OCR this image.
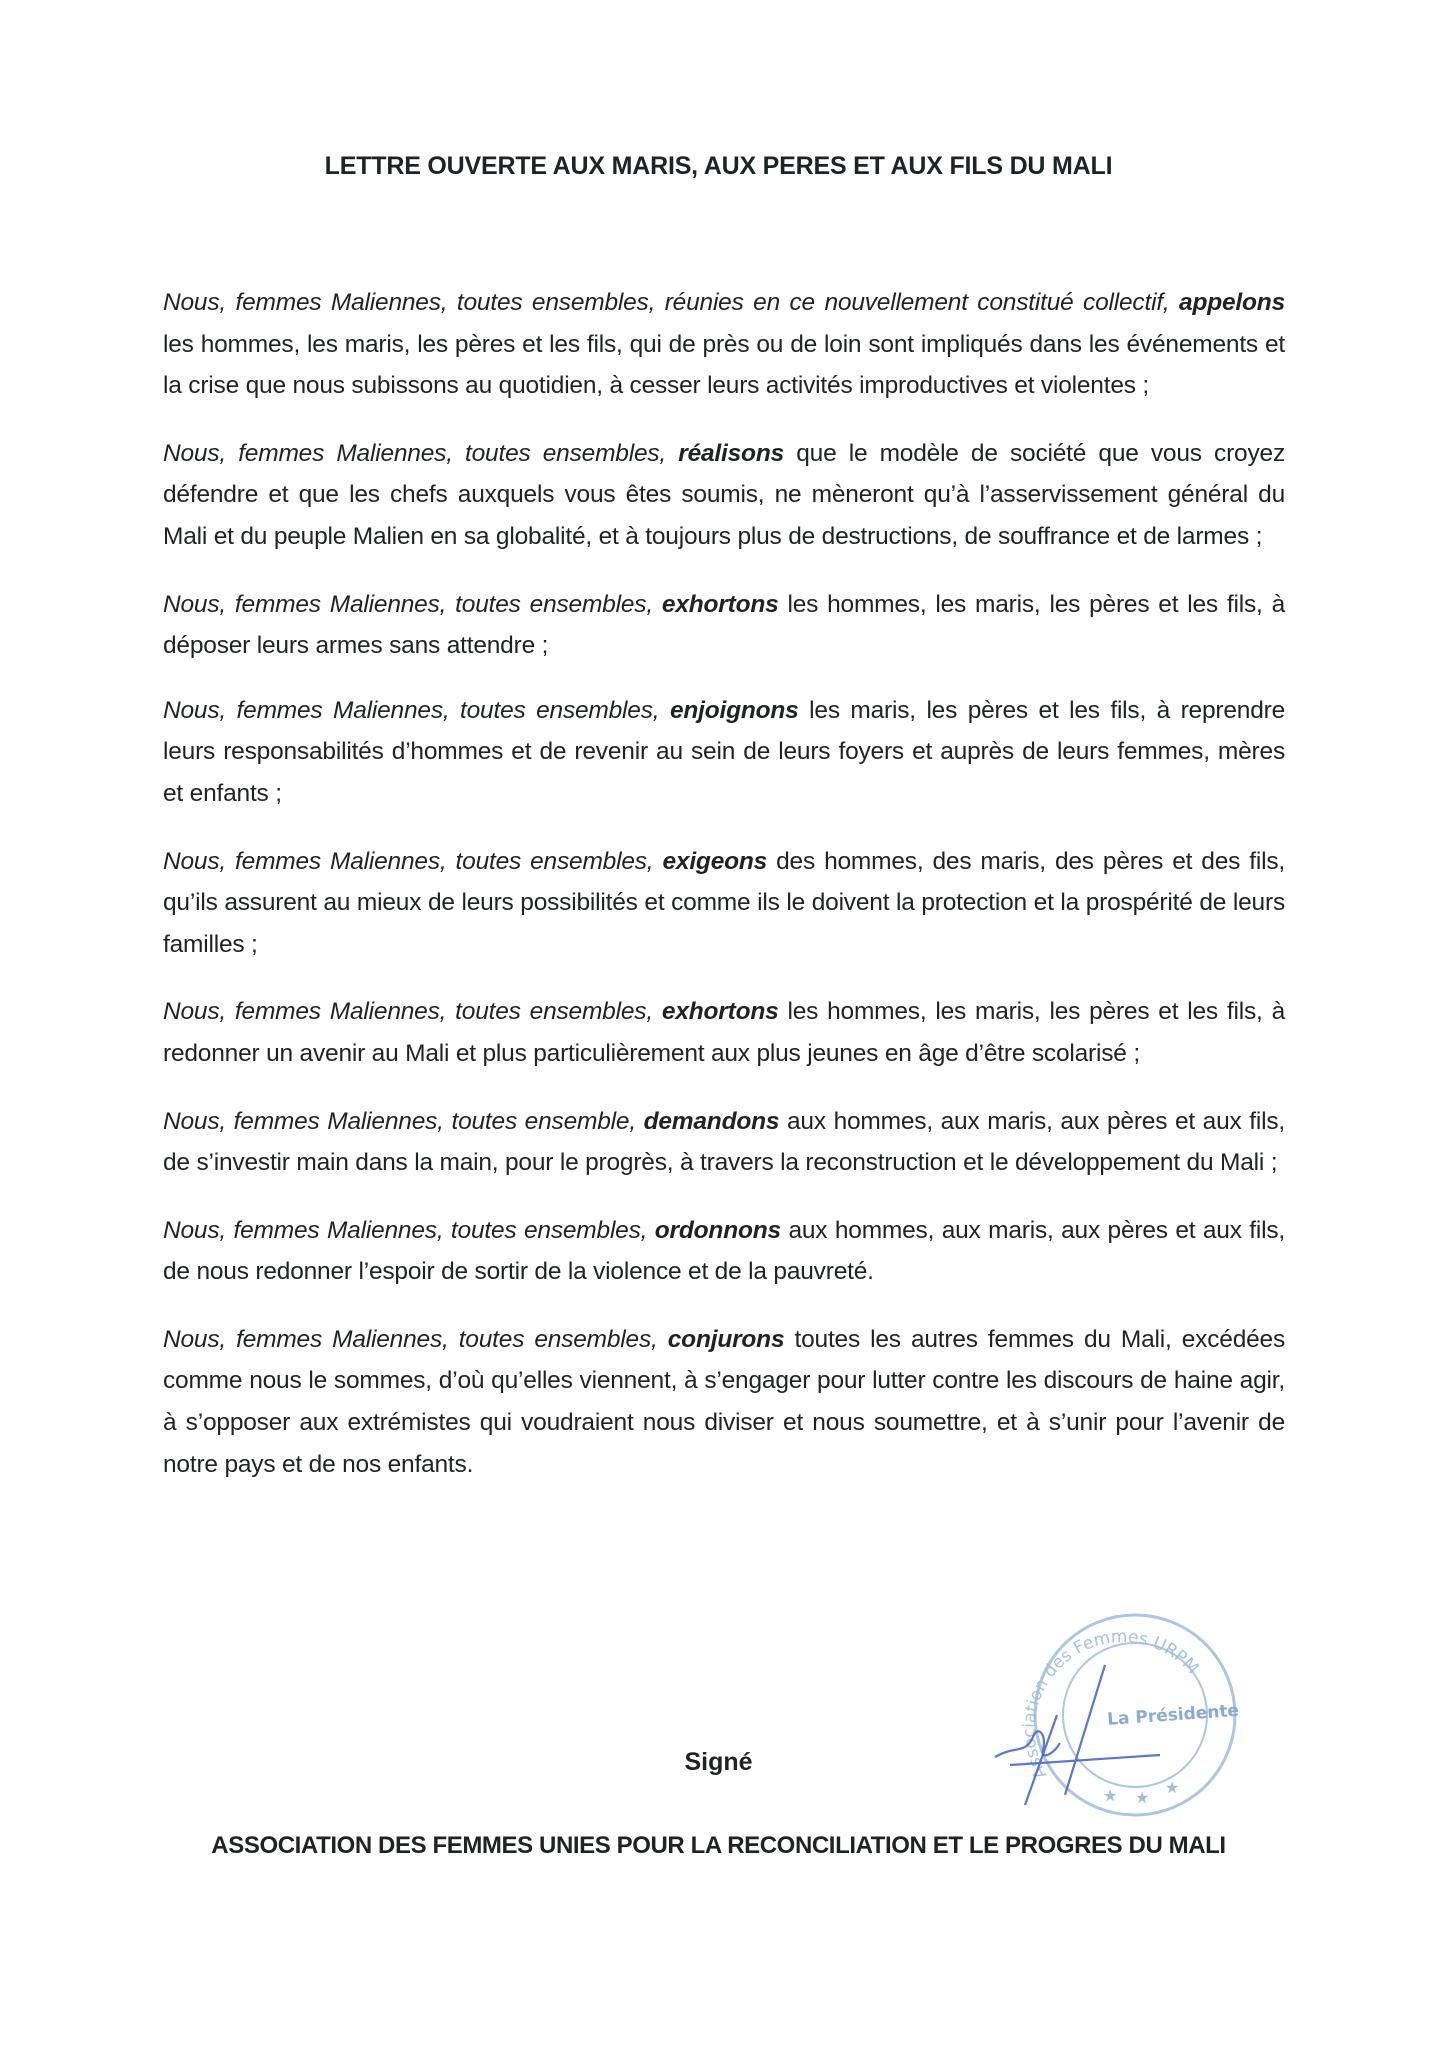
LETTRE OUVERTE AUX MARIS, AUX PERES ET AUX FILS DU MALI

Nous, femmes Maliennes, toutes ensembles, réunies en ce nouvellement constitué collectif, appelons les hommes, les maris, les pères et les fils, qui de près ou de loin sont impliqués dans les événements et la crise que nous subissons au quotidien, à cesser leurs activités improductives et violentes ;

Nous, femmes Maliennes, toutes ensembles, réalisons que le modèle de société que vous croyez défendre et que les chefs auxquels vous êtes soumis, ne mèneront qu’à l’asservissement général du Mali et du peuple Malien en sa globalité, et à toujours plus de destructions, de souffrance et de larmes ;

Nous, femmes Maliennes, toutes ensembles, exhortons les hommes, les maris, les pères et les fils, à déposer leurs armes sans attendre ;

Nous, femmes Maliennes, toutes ensembles, enjoignons les maris, les pères et les fils, à reprendre leurs responsabilités d’hommes et de revenir au sein de leurs foyers et auprès de leurs femmes, mères et enfants ;

Nous, femmes Maliennes, toutes ensembles, exigeons des hommes, des maris, des pères et des fils, qu’ils assurent au mieux de leurs possibilités et comme ils le doivent la protection et la prospérité de leurs familles ;

Nous, femmes Maliennes, toutes ensembles, exhortons les hommes, les maris, les pères et les fils, à redonner un avenir au Mali et plus particulièrement aux plus jeunes en âge d’être scolarisé ;

Nous, femmes Maliennes, toutes ensemble, demandons aux hommes, aux maris, aux pères et aux fils, de s’investir main dans la main, pour le progrès, à travers la reconstruction et le développement du Mali ;

Nous, femmes Maliennes, toutes ensembles, ordonnons aux hommes, aux maris, aux pères et aux fils, de nous redonner l’espoir de sortir de la violence et de la pauvreté.

Nous, femmes Maliennes, toutes ensembles, conjurons toutes les autres femmes du Mali, excédées comme nous le sommes, d’où qu’elles viennent, à s’engager pour lutter contre les discours de haine agir, à s’opposer aux extrémistes qui voudraient nous diviser et nous soumettre, et à s’unir pour l’avenir de notre pays et de nos enfants.

Association des Femmes URPM
La Présidente
★ ★
★
Signé
ASSOCIATION DES FEMMES UNIES POUR LA RECONCILIATION ET LE PROGRES DU MALI
